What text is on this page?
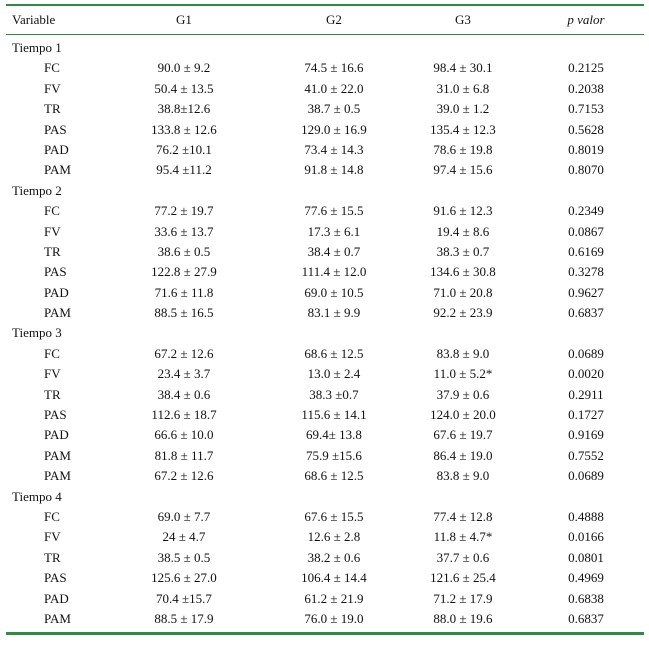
Variable	G1	G2	G3	p valor
Tiempo 1
FC	90.0 ± 9.2	74.5 ± 16.6	98.4 ± 30.1	0.2125
FV	50.4 ± 13.5	41.0 ± 22.0	31.0 ± 6.8	0.2038
TR	38.8±12.6	38.7 ± 0.5	39.0 ± 1.2	0.7153
PAS	133.8 ± 12.6	129.0 ± 16.9	135.4 ± 12.3	0.5628
PAD	76.2 ±10.1	73.4 ± 14.3	78.6 ± 19.8	0.8019
PAM	95.4 ±11.2	91.8 ± 14.8	97.4 ± 15.6	0.8070
Tiempo 2
FC	77.2 ± 19.7	77.6 ± 15.5	91.6 ± 12.3	0.2349
FV	33.6 ± 13.7	17.3 ± 6.1	19.4 ± 8.6	0.0867
TR	38.6 ± 0.5	38.4 ± 0.7	38.3 ± 0.7	0.6169
PAS	122.8 ± 27.9	111.4 ± 12.0	134.6 ± 30.8	0.3278
PAD	71.6 ± 11.8	69.0 ± 10.5	71.0 ± 20.8	0.9627
PAM	88.5 ± 16.5	83.1 ± 9.9	92.2 ± 23.9	0.6837
Tiempo 3
FC	67.2 ± 12.6	68.6 ± 12.5	83.8 ± 9.0	0.0689
FV	23.4 ± 3.7	13.0 ± 2.4	11.0 ± 5.2*	0.0020
TR	38.4 ± 0.6	38.3 ±0.7	37.9 ± 0.6	0.2911
PAS	112.6 ± 18.7	115.6 ± 14.1	124.0 ± 20.0	0.1727
PAD	66.6 ± 10.0	69.4± 13.8	67.6 ± 19.7	0.9169
PAM	81.8 ± 11.7	75.9 ±15.6	86.4 ± 19.0	0.7552
PAM	67.2 ± 12.6	68.6 ± 12.5	83.8 ± 9.0	0.0689
Tiempo 4
FC	69.0 ± 7.7	67.6 ± 15.5	77.4 ± 12.8	0.4888
FV	24 ± 4.7	12.6 ± 2.8	11.8 ± 4.7*	0.0166
TR	38.5 ± 0.5	38.2 ± 0.6	37.7 ± 0.6	0.0801
PAS	125.6 ± 27.0	106.4 ± 14.4	121.6 ± 25.4	0.4969
PAD	70.4 ±15.7	61.2 ± 21.9	71.2 ± 17.9	0.6838
PAM	88.5 ± 17.9	76.0 ± 19.0	88.0 ± 19.6	0.6837
